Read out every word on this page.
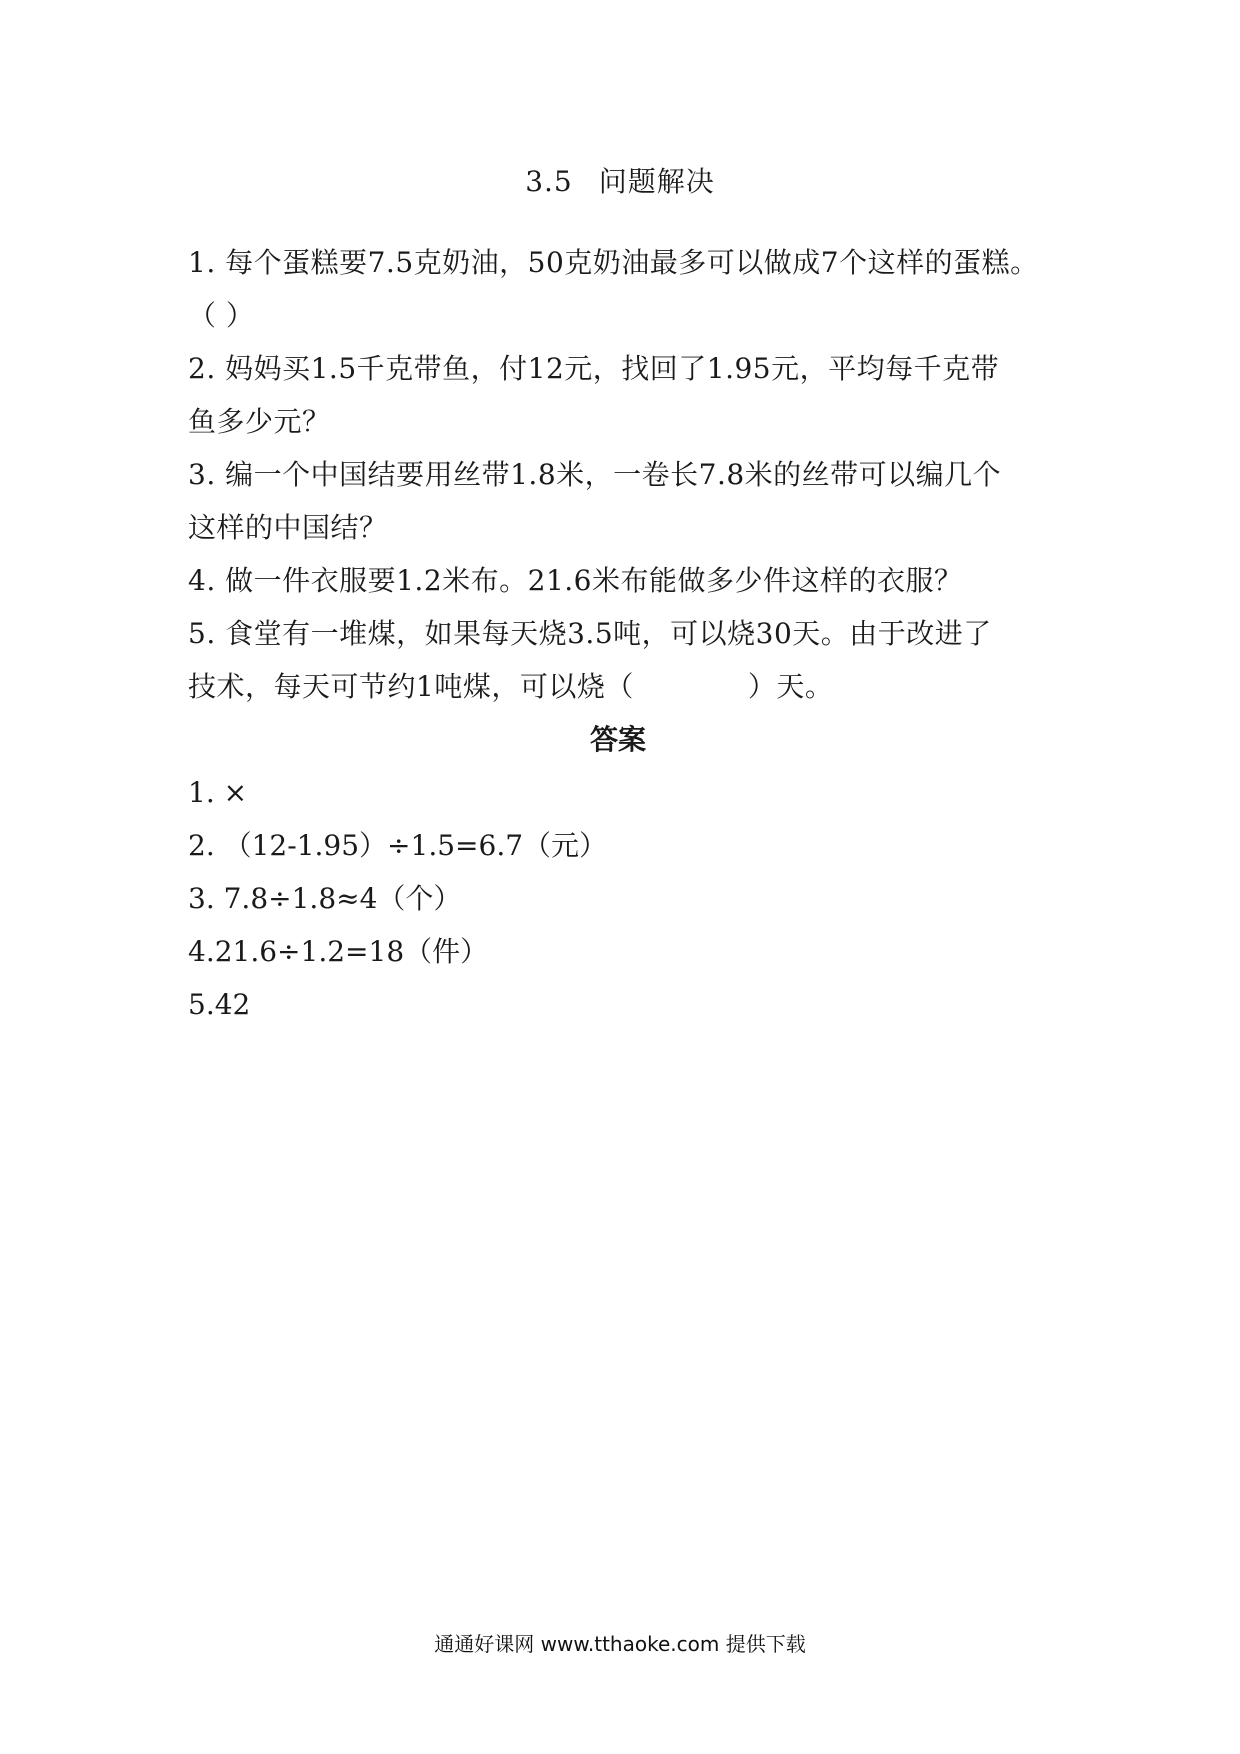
3.5 问题解决

1. 每个蛋糕要7.5克奶油，50克奶油最多可以做成7个这样的蛋糕。

（ ）

2. 妈妈买1.5千克带鱼，付12元，找回了1.95元，平均每千克带

鱼多少元？

3. 编一个中国结要用丝带1.8米，一卷长7.8米的丝带可以编几个

这样的中国结？

4. 做一件衣服要1.2米布。21.6米布能做多少件这样的衣服？

5. 食堂有一堆煤，如果每天烧3.5吨，可以烧30天。由于改进了

技术，每天可节约1吨煤，可以烧（　　　　）天。

答案

1. ×

2. （12-1.95）÷1.5=6.7（元）

3. 7.8÷1.8≈4（个）

4.21.6÷1.2=18（件）

5.42

通通好课网 www.tthaoke.com 提供下载
